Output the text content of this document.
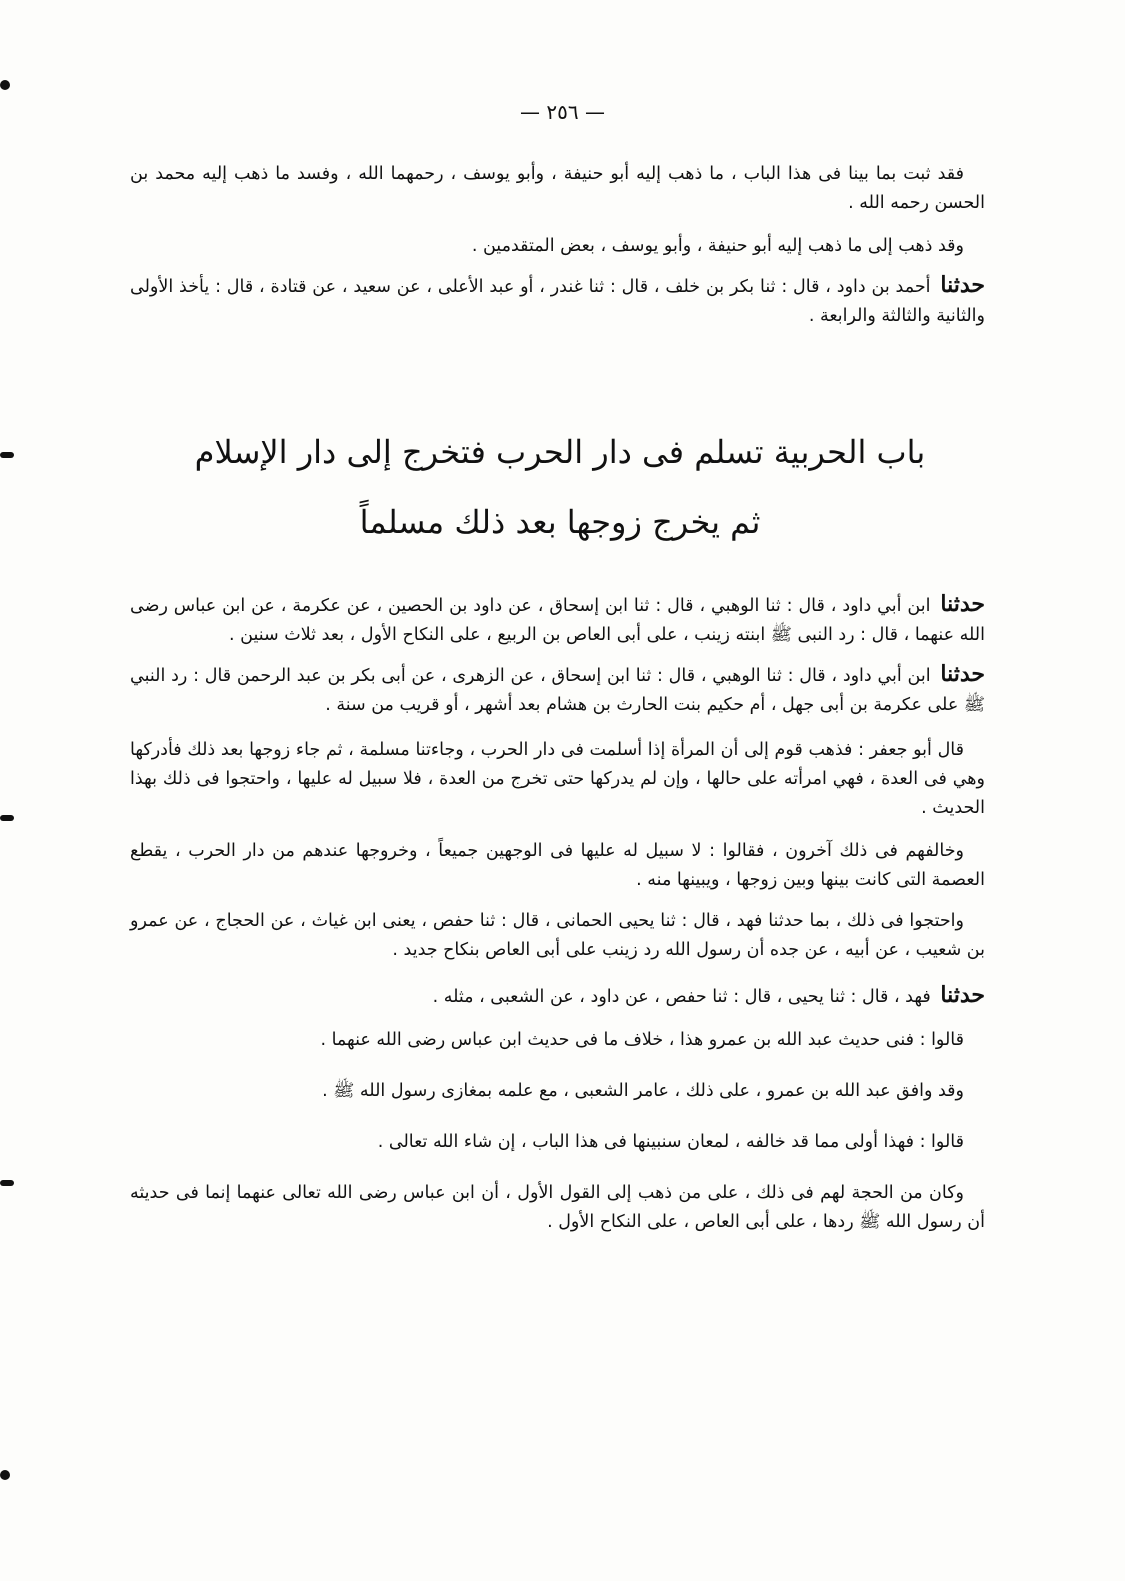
— ٢٥٦ —

فقد ثبت بما بينا فى هذا الباب ، ما ذهب إليه أبو حنيفة ، وأبو يوسف ، رحمهما الله ، وفسد ما ذهب إليه محمد بن الحسن رحمه الله .

وقد ذهب إلى ما ذهب إليه أبو حنيفة ، وأبو يوسف ، بعض المتقدمين .

حدثنا أحمد بن داود ، قال : ثنا بكر بن خلف ، قال : ثنا غندر ، أو عبد الأعلى ، عن سعيد ، عن قتادة ، قال : يأخذ الأولى والثانية والثالثة والرابعة .

باب الحربية تسلم فى دار الحرب فتخرج إلى دار الإسلام
ثم يخرج زوجها بعد ذلك مسلماً

حدثنا ابن أبي داود ، قال : ثنا الوهبي ، قال : ثنا ابن إسحاق ، عن داود بن الحصين ، عن عكرمة ، عن ابن عباس رضى الله عنهما ، قال : رد النبى ﷺ ابنته زينب ، على أبى العاص بن الربيع ، على النكاح الأول ، بعد ثلاث سنين .

حدثنا ابن أبي داود ، قال : ثنا الوهبي ، قال : ثنا ابن إسحاق ، عن الزهرى ، عن أبى بكر بن عبد الرحمن قال : رد النبي ﷺ على عكرمة بن أبى جهل ، أم حكيم بنت الحارث بن هشام بعد أشهر ، أو قريب من سنة .

قال أبو جعفر : فذهب قوم إلى أن المرأة إذا أسلمت فى دار الحرب ، وجاءتنا مسلمة ، ثم جاء زوجها بعد ذلك فأدركها وهي فى العدة ، فهي امرأته على حالها ، وإن لم يدركها حتى تخرج من العدة ، فلا سبيل له عليها ، واحتجوا فى ذلك بهذا الحديث .

وخالفهم فى ذلك آخرون ، فقالوا : لا سبيل له عليها فى الوجهين جميعاً ، وخروجها عندهم من دار الحرب ، يقطع العصمة التى كانت بينها وبين زوجها ، ويبينها منه .

واحتجوا فى ذلك ، بما حدثنا فهد ، قال : ثنا يحيى الحمانى ، قال : ثنا حفص ، يعنى ابن غياث ، عن الحجاج ، عن عمرو بن شعيب ، عن أبيه ، عن جده أن رسول الله رد زينب على أبى العاص بنكاح جديد .

حدثنا فهد ، قال : ثنا يحيى ، قال : ثنا حفص ، عن داود ، عن الشعبى ، مثله .

قالوا : فنى حديث عبد الله بن عمرو هذا ، خلاف ما فى حديث ابن عباس رضى الله عنهما .

وقد وافق عبد الله بن عمرو ، على ذلك ، عامر الشعبى ، مع علمه بمغازى رسول الله ﷺ .

قالوا : فهذا أولى مما قد خالفه ، لمعان سنبينها فى هذا الباب ، إن شاء الله تعالى .

وكان من الحجة لهم فى ذلك ، على من ذهب إلى القول الأول ، أن ابن عباس رضى الله تعالى عنهما إنما فى حديثه أن رسول الله ﷺ ردها ، على أبى العاص ، على النكاح الأول .
